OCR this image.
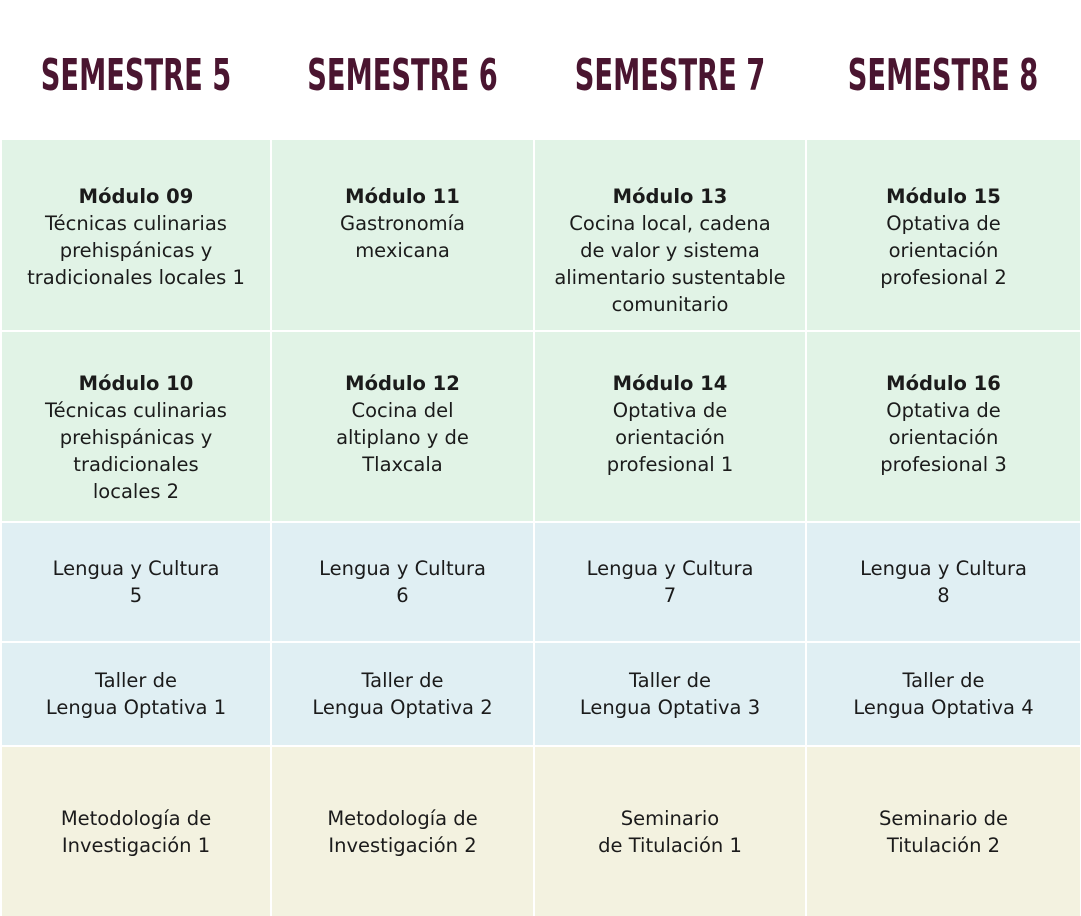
SEMESTRE 5 SEMESTRE 6 SEMESTRE 7 SEMESTRE 8
Módulo 09
Técnicas culinarias
prehispánicas y
tradicionales locales 1
Módulo 11
Gastronomía
mexicana
Módulo 13
Cocina local, cadena
de valor y sistema
alimentario sustentable
comunitario
Módulo 15
Optativa de
orientación
profesional 2
Módulo 10
Técnicas culinarias
prehispánicas y
tradicionales
locales 2
Módulo 12
Cocina del
altiplano y de
Tlaxcala
Módulo 14
Optativa de
orientación
profesional 1
Módulo 16
Optativa de
orientación
profesional 3
Lengua y Cultura
5
Lengua y Cultura
6
Lengua y Cultura
7
Lengua y Cultura
8
Taller de
Lengua Optativa 1
Taller de
Lengua Optativa 2
Taller de
Lengua Optativa 3
Taller de
Lengua Optativa 4
Metodología de
Investigación 1
Metodología de
Investigación 2
Seminario
de Titulación 1
Seminario de
Titulación 2
